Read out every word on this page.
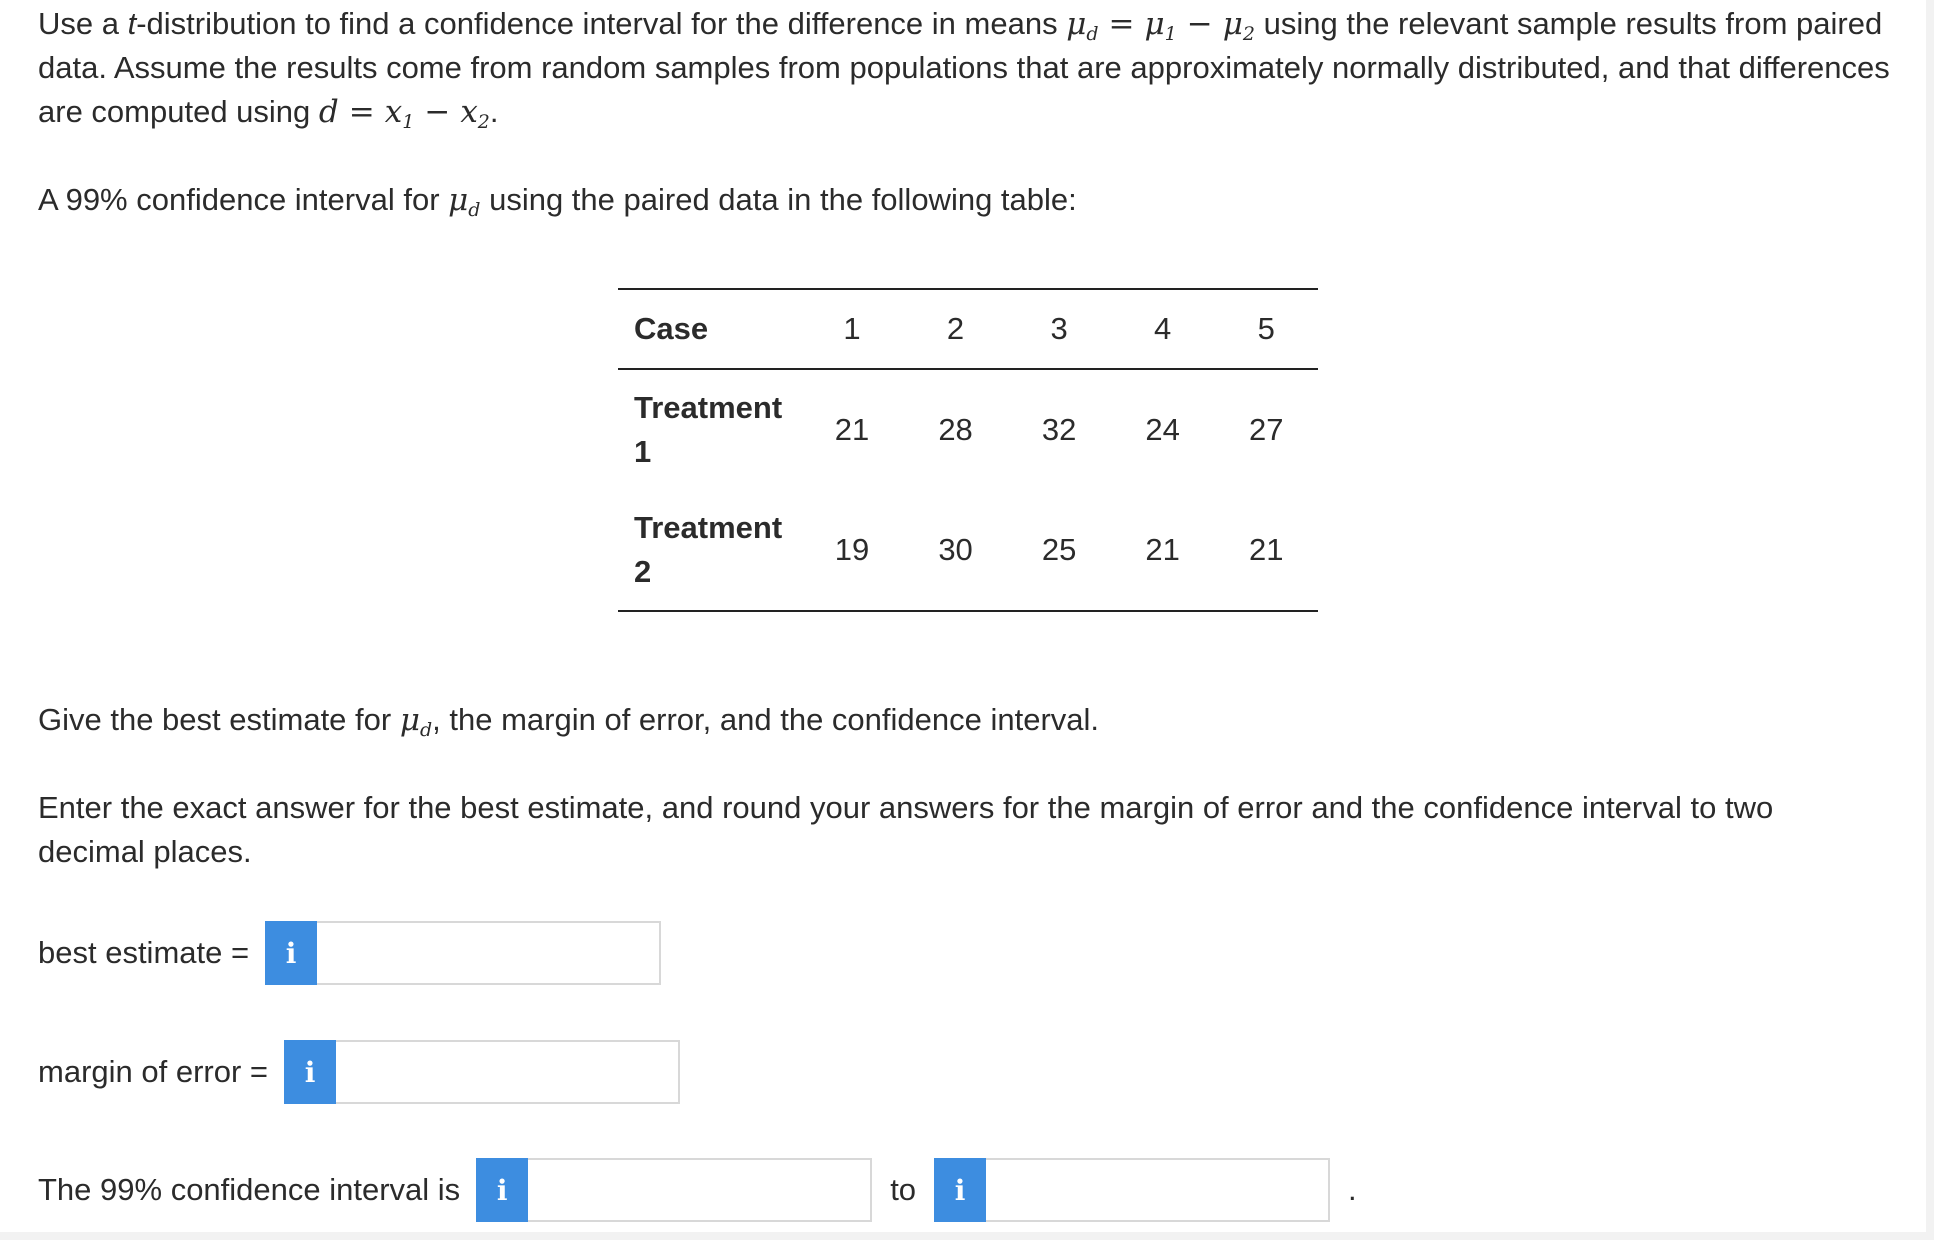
Use a t-distribution to find a confidence interval for the difference in means $\mu_d = \mu_1 - \mu_2$ using the relevant sample results from paired data. Assume the results come from random samples from populations that are approximately normally distributed, and that differences are computed using $d = x_1 - x_2$.

A 99% confidence interval for $\mu_d$ using the paired data in the following table:

Case	1	2	3	4	5
Treatment
1	21	28	32	24	27
Treatment
2	19	30	25	21	21

Give the best estimate for $\mu_d$, the margin of error, and the confidence interval.

Enter the exact answer for the best estimate, and round your answers for the margin of error and the confidence interval to two decimal places.

best estimate =	i
margin of error =	i
The 99% confidence interval is	i	to	i	.
